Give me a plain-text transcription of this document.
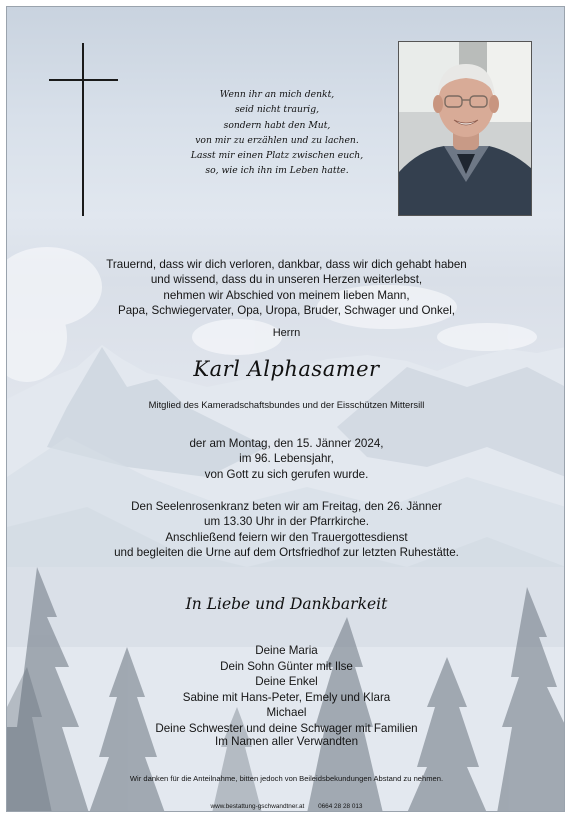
Wenn ihr an mich denkt,
seid nicht traurig,
sondern habt den Mut,
von mir zu erzählen und zu lachen.
Lasst mir einen Platz zwischen euch,
so, wie ich ihn im Leben hatte.
Trauernd, dass wir dich verloren, dankbar, dass wir dich gehabt haben
und wissend, dass du in unseren Herzen weiterlebst,
nehmen wir Abschied von meinem lieben Mann,
Papa, Schwiegervater, Opa, Uropa, Bruder, Schwager und Onkel,
Herrn
Karl Alphasamer
Mitglied des Kameradschaftsbundes und der Eisschützen Mittersill
der am Montag, den 15. Jänner 2024,
im 96. Lebensjahr,
von Gott zu sich gerufen wurde.
Den Seelenrosenkranz beten wir am Freitag, den 26. Jänner
um 13.30 Uhr in der Pfarrkirche.
Anschließend feiern wir den Trauergottesdienst
und begleiten die Urne auf dem Ortsfriedhof zur letzten Ruhestätte.
In Liebe und Dankbarkeit
Deine Maria
Dein Sohn Günter mit Ilse
Deine Enkel
Sabine mit Hans-Peter, Emely und Klara
Michael
Deine Schwester und deine Schwager mit Familien
Im Namen aller Verwandten
Wir danken für die Anteilnahme, bitten jedoch von Beileidsbekundungen Abstand zu nehmen.
www.bestattung-gschwandtner.at 0664 28 28 013
